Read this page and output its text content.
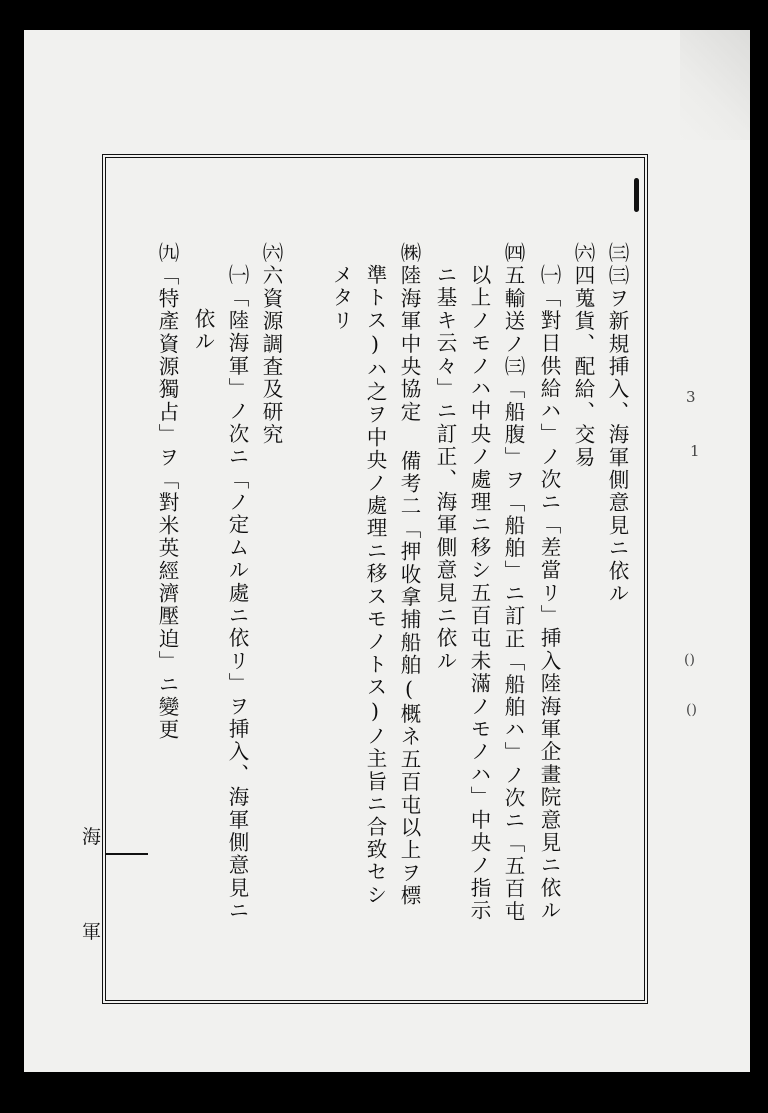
㈢㈢ヲ新規挿入、海軍側意見ニ依ル
㈥四蒐貨、配給、交易
㈠「對日供給ハ」ノ次ニ「差當リ」挿入陸海軍企畫院意見ニ依ル
㈣五輸送ノ㈢「船腹」ヲ「船舶」ニ訂正「船舶ハ」ノ次ニ「五百屯
以上ノモノハ中央ノ處理ニ移シ五百屯未滿ノモノハ」中央ノ指示
ニ基キ云々」ニ訂正、海軍側意見ニ依ル
㈱陸海軍中央協定 備考二「押收拿捕船舶(概ネ五百屯以上ヲ標
準トス)ハ之ヲ中央ノ處理ニ移スモノトス)ノ主旨ニ合致セシ
メタリ
㈥六資源調査及研究
㈠「陸海軍」ノ次ニ「ノ定ムル處ニ依リ」ヲ挿入、海軍側意見ニ
依ル
㈨「特產資源獨占」ヲ「對米英經濟壓迫」ニ變更
海
軍
3
1
()
()
